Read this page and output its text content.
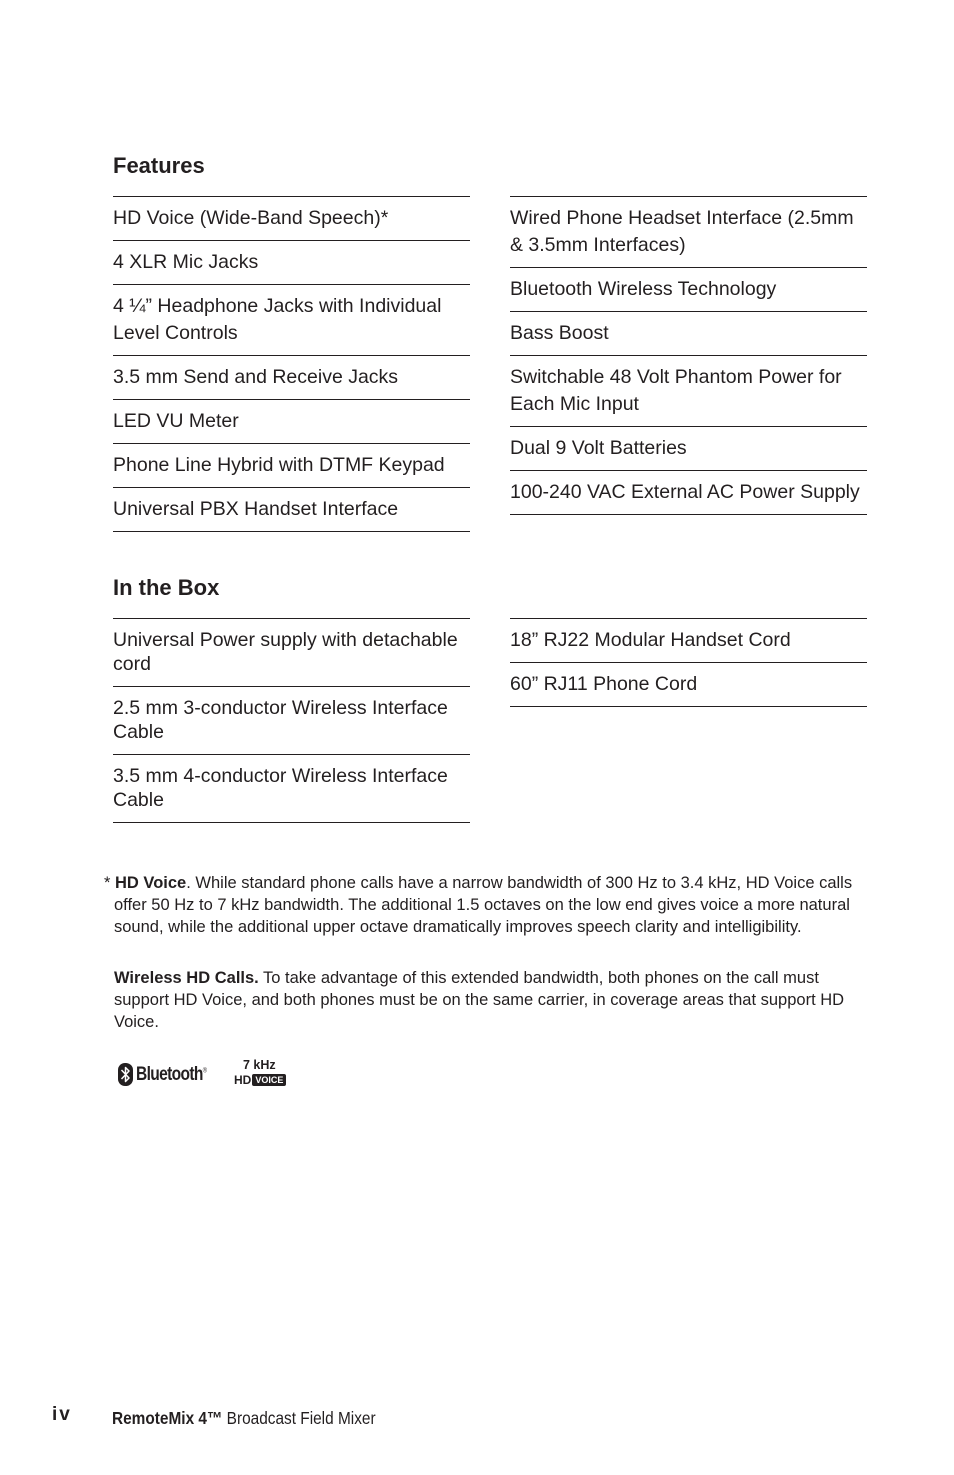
Features
HD Voice (Wide-Band Speech)*
4 XLR Mic Jacks
4 ¼” Headphone Jacks with Individual Level Controls
3.5 mm Send and Receive Jacks
LED VU Meter
Phone Line Hybrid with DTMF Keypad
Universal PBX Handset Interface
Wired Phone Headset Interface (2.5mm & 3.5mm Interfaces)
Bluetooth Wireless Technology
Bass Boost
Switchable 48 Volt Phantom Power for Each Mic Input
Dual 9 Volt Batteries
100-240 VAC External AC Power Supply
In the Box
Universal Power supply with detachable cord
2.5 mm 3-conductor Wireless Interface Cable
3.5 mm 4-conductor Wireless Interface Cable
18” RJ22 Modular Handset Cord
60” RJ11 Phone Cord

* HD Voice. While standard phone calls have a narrow bandwidth of 300 Hz to 3.4 kHz, HD Voice calls offer 50 Hz to 7 kHz bandwidth. The additional 1.5 octaves on the low end gives voice a more natural sound, while the additional upper octave dramatically improves speech clarity and intelligibility.

Wireless HD Calls. To take advantage of this extended bandwidth, both phones on the call must support HD Voice, and both phones must be on the same carrier, in coverage areas that support HD Voice.

Bluetooth®	7 kHz
HD VOICE
iv RemoteMix 4™ Broadcast Field Mixer
